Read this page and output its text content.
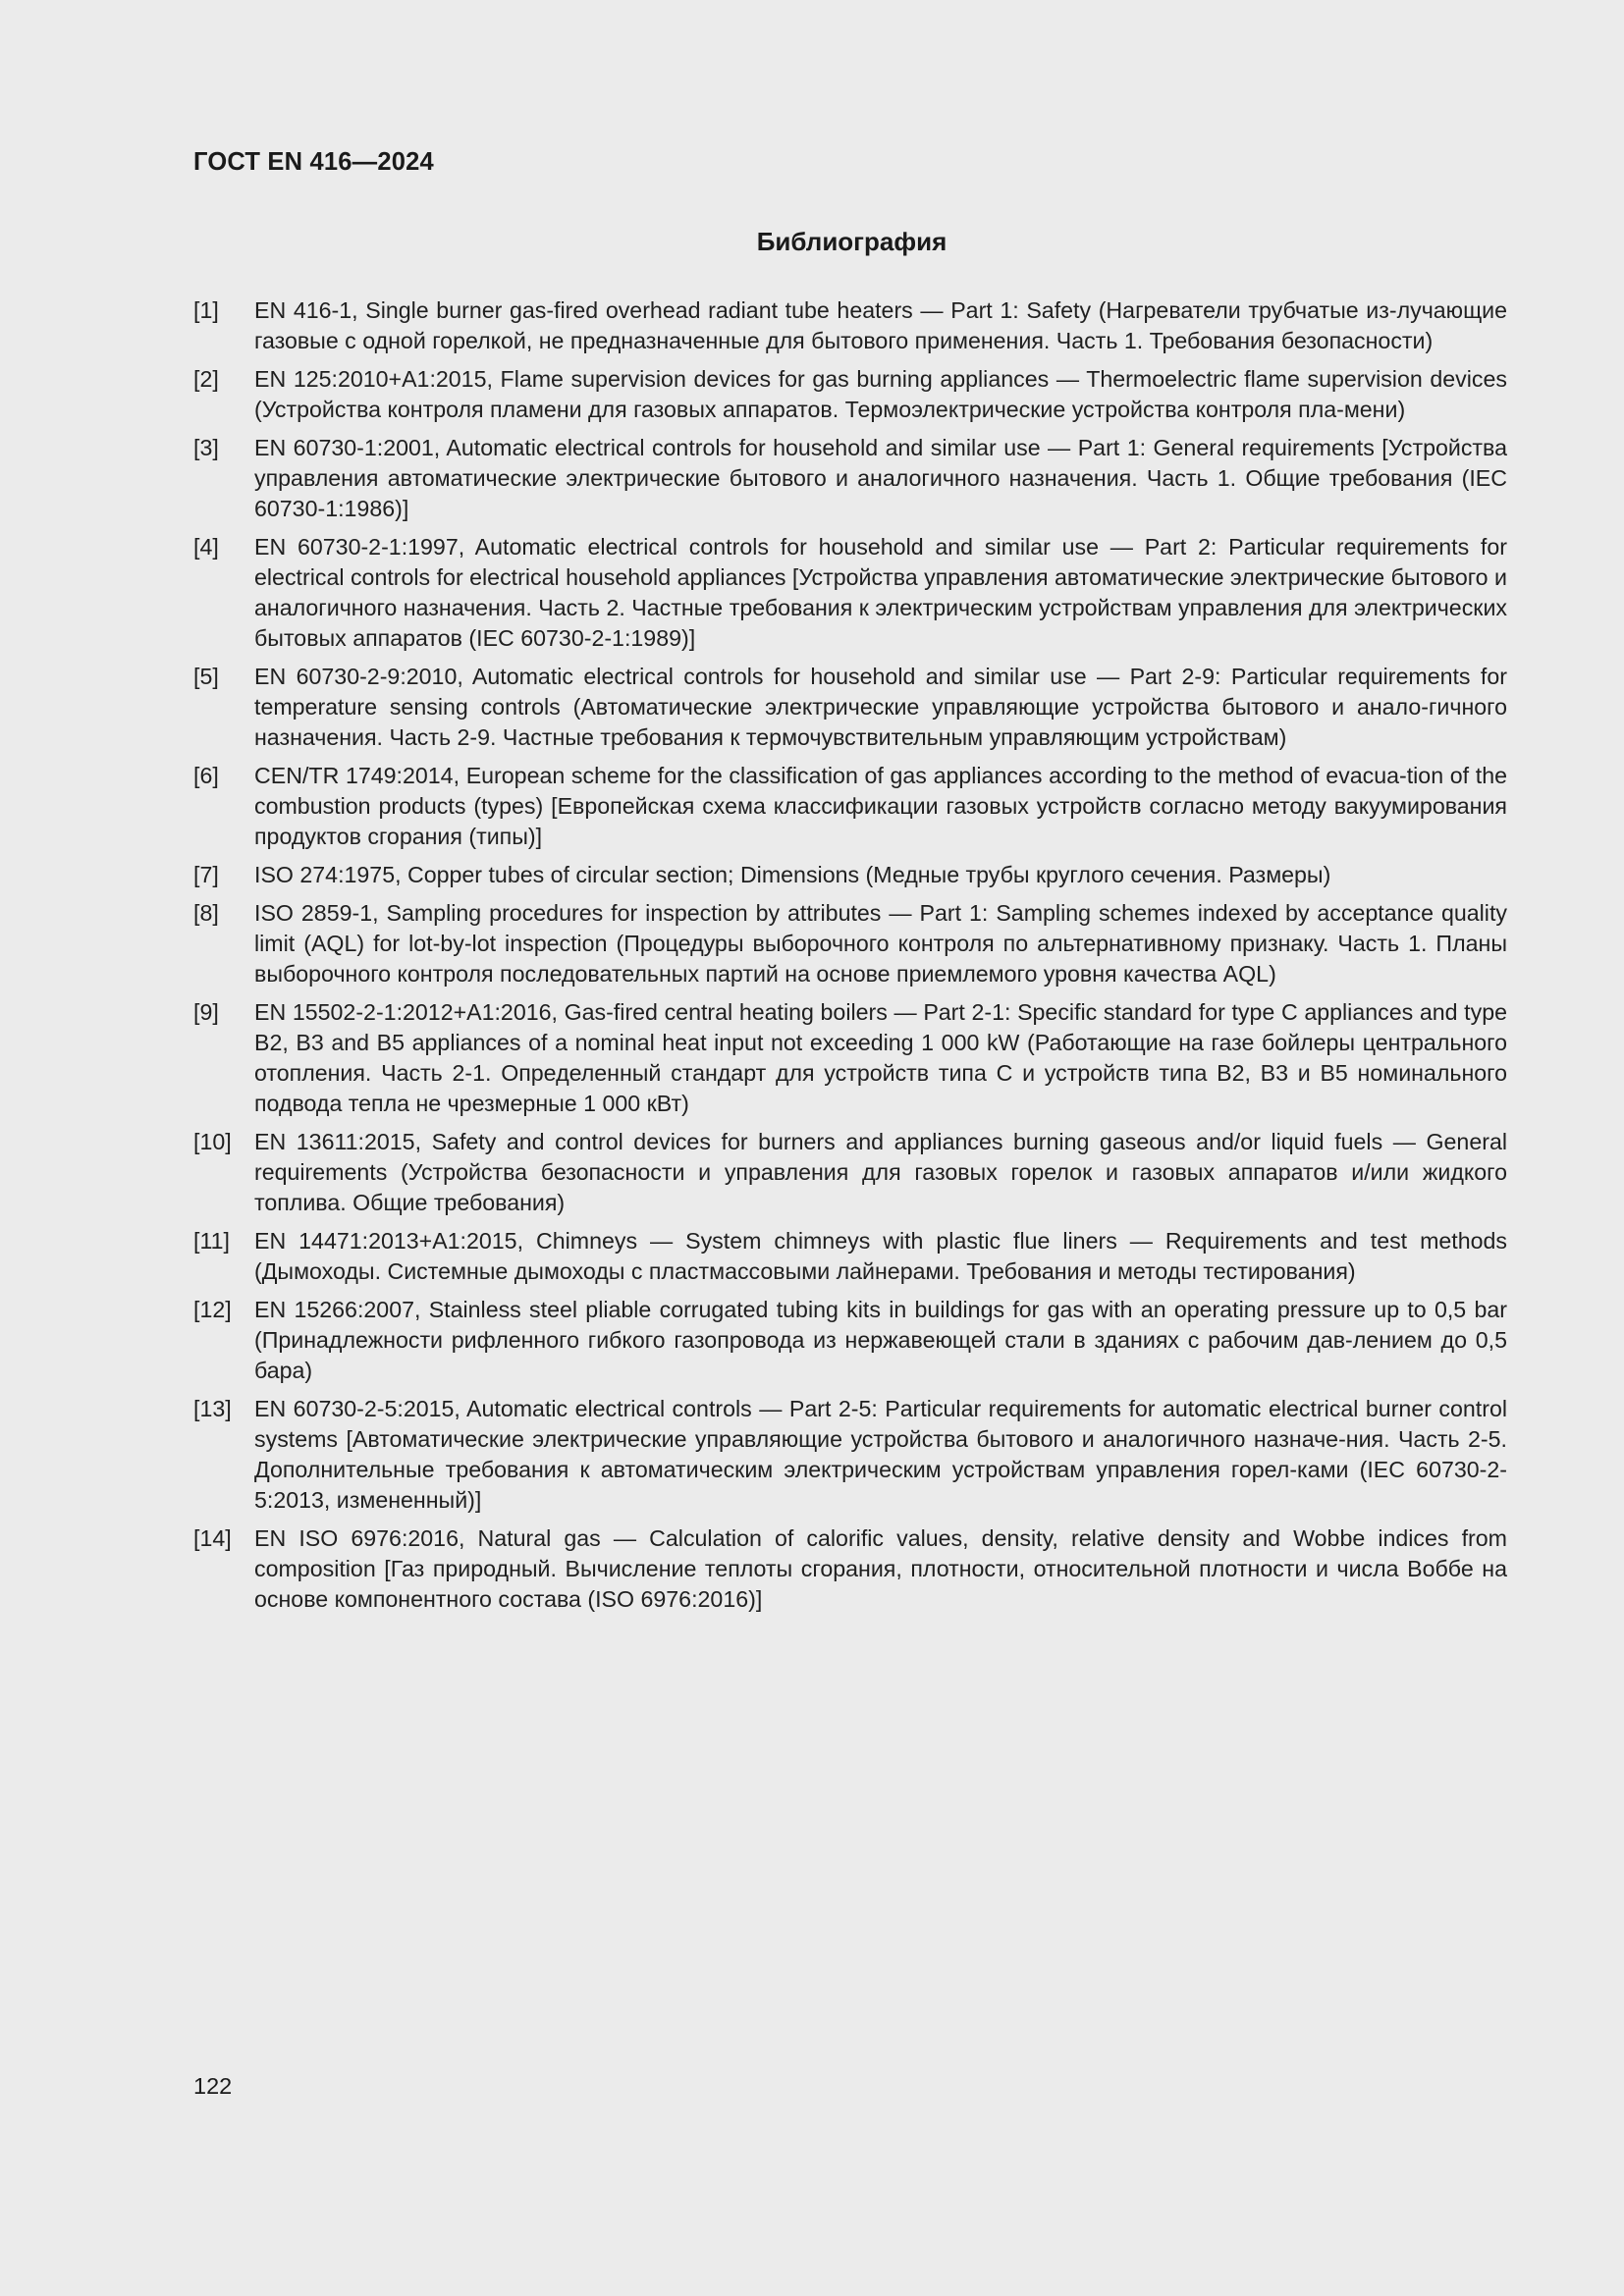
ГОСТ EN 416—2024
Библиография
[1]	EN 416-1, Single burner gas-fired overhead radiant tube heaters — Part 1: Safety (Нагреватели трубчатые из-лучающие газовые с одной горелкой, не предназначенные для бытового применения. Часть 1. Требования безопасности)
[2]	EN 125:2010+A1:2015, Flame supervision devices for gas burning appliances — Thermoelectric flame supervision devices (Устройства контроля пламени для газовых аппаратов. Термоэлектрические устройства контроля пла-мени)
[3]	EN 60730-1:2001, Automatic electrical controls for household and similar use — Part 1: General requirements [Устройства управления автоматические электрические бытового и аналогичного назначения. Часть 1. Общие требования (IEC 60730-1:1986)]
[4]	EN 60730-2-1:1997, Automatic electrical controls for household and similar use — Part 2: Particular requirements for electrical controls for electrical household appliances [Устройства управления автоматические электрические бытового и аналогичного назначения. Часть 2. Частные требования к электрическим устройствам управления для электрических бытовых аппаратов (IEC 60730-2-1:1989)]
[5]	EN 60730-2-9:2010, Automatic electrical controls for household and similar use — Part 2-9: Particular requirements for temperature sensing controls (Автоматические электрические управляющие устройства бытового и анало-гичного назначения. Часть 2-9. Частные требования к термочувствительным управляющим устройствам)
[6]	CEN/TR 1749:2014, European scheme for the classification of gas appliances according to the method of evacua-tion of the combustion products (types) [Европейская схема классификации газовых устройств согласно методу вакуумирования продуктов сгорания (типы)]
[7]	ISO 274:1975, Copper tubes of circular section; Dimensions (Медные трубы круглого сечения. Размеры)
[8]	ISO 2859-1, Sampling procedures for inspection by attributes — Part 1: Sampling schemes indexed by acceptance quality limit (AQL) for lot-by-lot inspection (Процедуры выборочного контроля по альтернативному признаку. Часть 1. Планы выборочного контроля последовательных партий на основе приемлемого уровня качества AQL)
[9]	EN 15502-2-1:2012+A1:2016, Gas-fired central heating boilers — Part 2-1: Specific standard for type C appliances and type B2, B3 and B5 appliances of a nominal heat input not exceeding 1 000 kW (Работающие на газе бойлеры центрального отопления. Часть 2-1. Определенный стандарт для устройств типа С и устройств типа B2, B3 и B5 номинального подвода тепла не чрезмерные 1 000 кВт)
[10]	EN 13611:2015, Safety and control devices for burners and appliances burning gaseous and/or liquid fuels — General requirements (Устройства безопасности и управления для газовых горелок и газовых аппаратов и/или жидкого топлива. Общие требования)
[11]	EN 14471:2013+A1:2015, Chimneys — System chimneys with plastic flue liners — Requirements and test methods (Дымоходы. Системные дымоходы с пластмассовыми лайнерами. Требования и методы тестирования)
[12]	EN 15266:2007, Stainless steel pliable corrugated tubing kits in buildings for gas with an operating pressure up to 0,5 bar (Принадлежности рифленного гибкого газопровода из нержавеющей стали в зданиях с рабочим дав-лением до 0,5 бара)
[13]	EN 60730-2-5:2015, Automatic electrical controls — Part 2-5: Particular requirements for automatic electrical burner control systems [Автоматические электрические управляющие устройства бытового и аналогичного назначе-ния. Часть 2-5. Дополнительные требования к автоматическим электрическим устройствам управления горел-ками (IEC 60730-2-5:2013, измененный)]
[14]	EN ISO 6976:2016, Natural gas — Calculation of calorific values, density, relative density and Wobbe indices from composition [Газ природный. Вычисление теплоты сгорания, плотности, относительной плотности и числа Воббе на основе компонентного состава (ISO 6976:2016)]
122
